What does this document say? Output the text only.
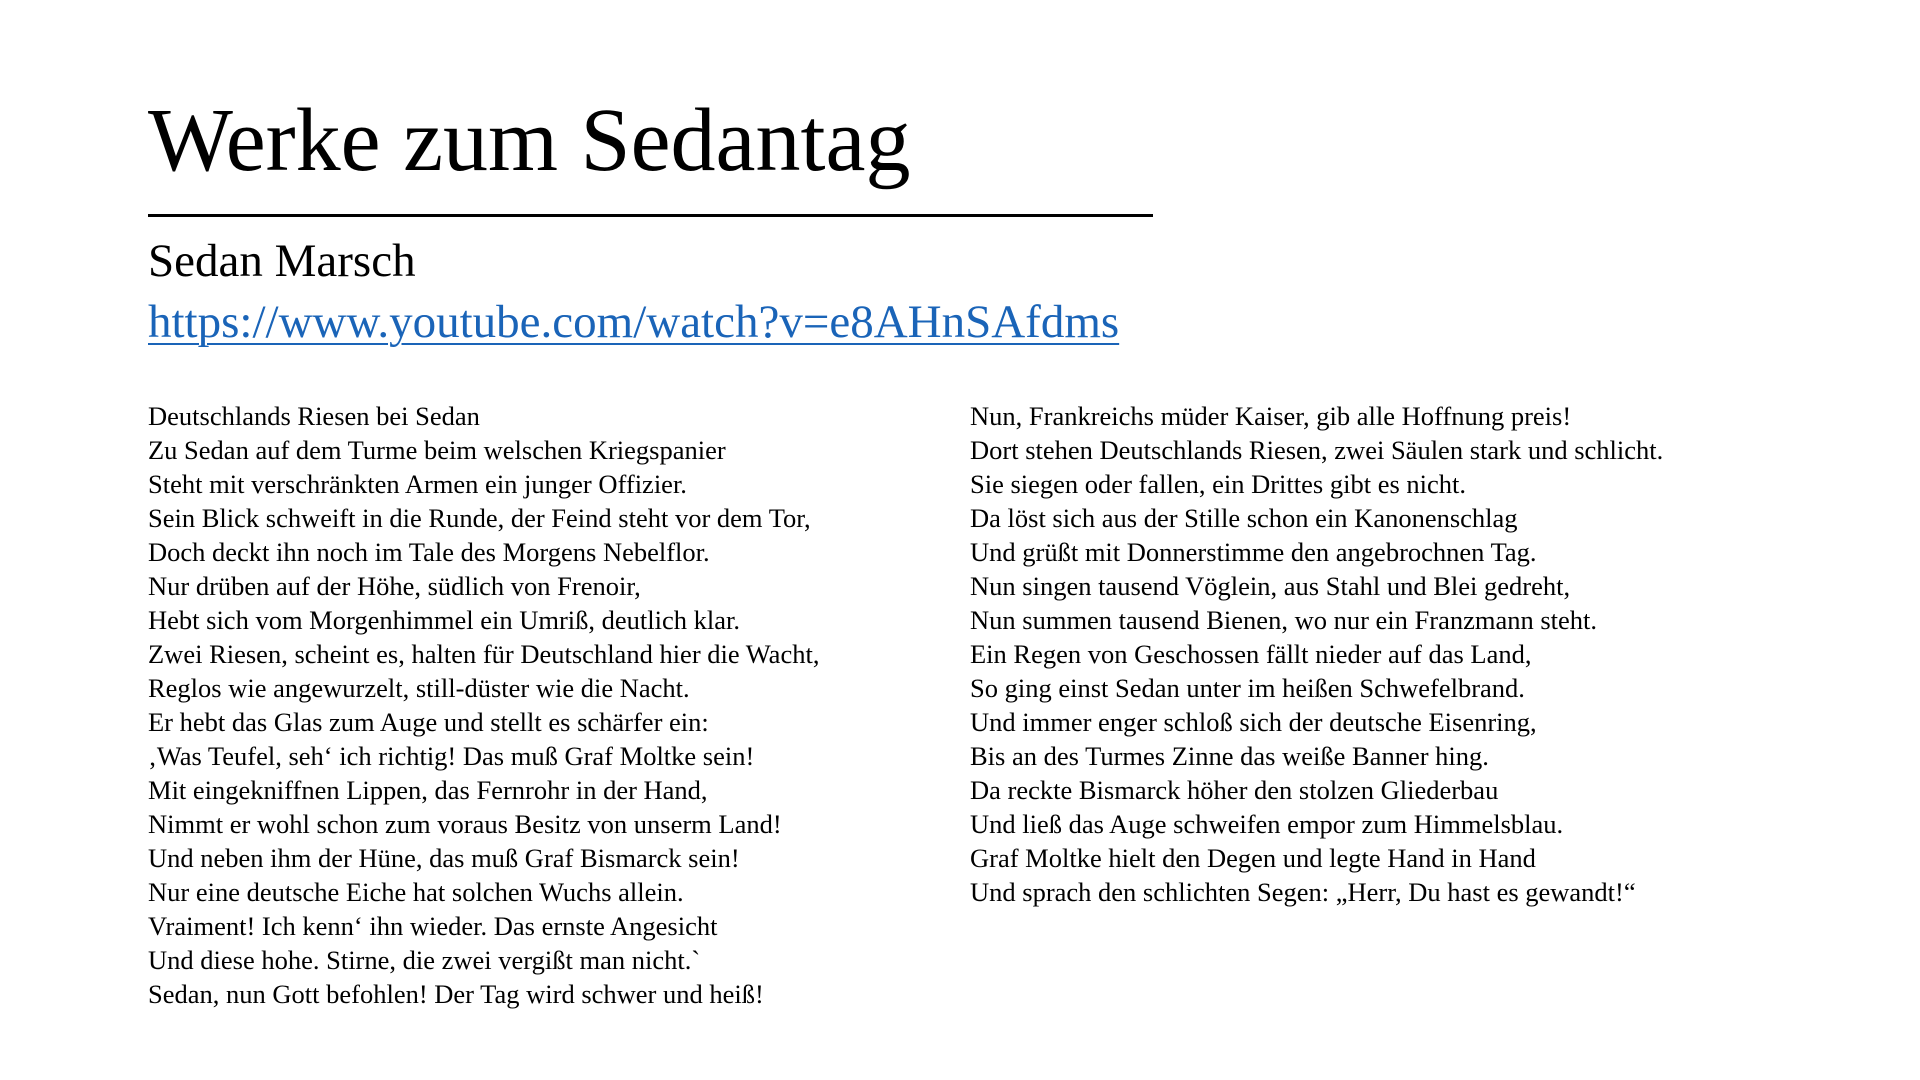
Werke zum Sedantag
Sedan Marsch
https://www.youtube.com/watch?v=e8AHnSAfdms
Deutschlands Riesen bei Sedan
Zu Sedan auf dem Turme beim welschen Kriegspanier
Steht mit verschränkten Armen ein junger Offizier.
Sein Blick schweift in die Runde, der Feind steht vor dem Tor,
Doch deckt ihn noch im Tale des Morgens Nebelflor.
Nur drüben auf der Höhe, südlich von Frenoir,
Hebt sich vom Morgenhimmel ein Umriß, deutlich klar.
Zwei Riesen, scheint es, halten für Deutschland hier die Wacht,
Reglos wie angewurzelt, still-düster wie die Nacht.
Er hebt das Glas zum Auge und stellt es schärfer ein:
‚Was Teufel, seh‘ ich richtig! Das muß Graf Moltke sein!
Mit eingekniffnen Lippen, das Fernrohr in der Hand,
Nimmt er wohl schon zum voraus Besitz von unserm Land!
Und neben ihm der Hüne, das muß Graf Bismarck sein!
Nur eine deutsche Eiche hat solchen Wuchs allein.
Vraiment! Ich kenn‘ ihn wieder. Das ernste Angesicht
Und diese hohe. Stirne, die zwei vergißt man nicht.`
Sedan, nun Gott befohlen! Der Tag wird schwer und heiß!
Nun, Frankreichs müder Kaiser, gib alle Hoffnung preis!
Dort stehen Deutschlands Riesen, zwei Säulen stark und schlicht.
Sie siegen oder fallen, ein Drittes gibt es nicht.
Da löst sich aus der Stille schon ein Kanonenschlag
Und grüßt mit Donnerstimme den angebrochnen Tag.
Nun singen tausend Vöglein, aus Stahl und Blei gedreht,
Nun summen tausend Bienen, wo nur ein Franzmann steht.
Ein Regen von Geschossen fällt nieder auf das Land,
So ging einst Sedan unter im heißen Schwefelbrand.
Und immer enger schloß sich der deutsche Eisenring,
Bis an des Turmes Zinne das weiße Banner hing.
Da reckte Bismarck höher den stolzen Gliederbau
Und ließ das Auge schweifen empor zum Himmelsblau.
Graf Moltke hielt den Degen und legte Hand in Hand
Und sprach den schlichten Segen: „Herr, Du hast es gewandt!“
